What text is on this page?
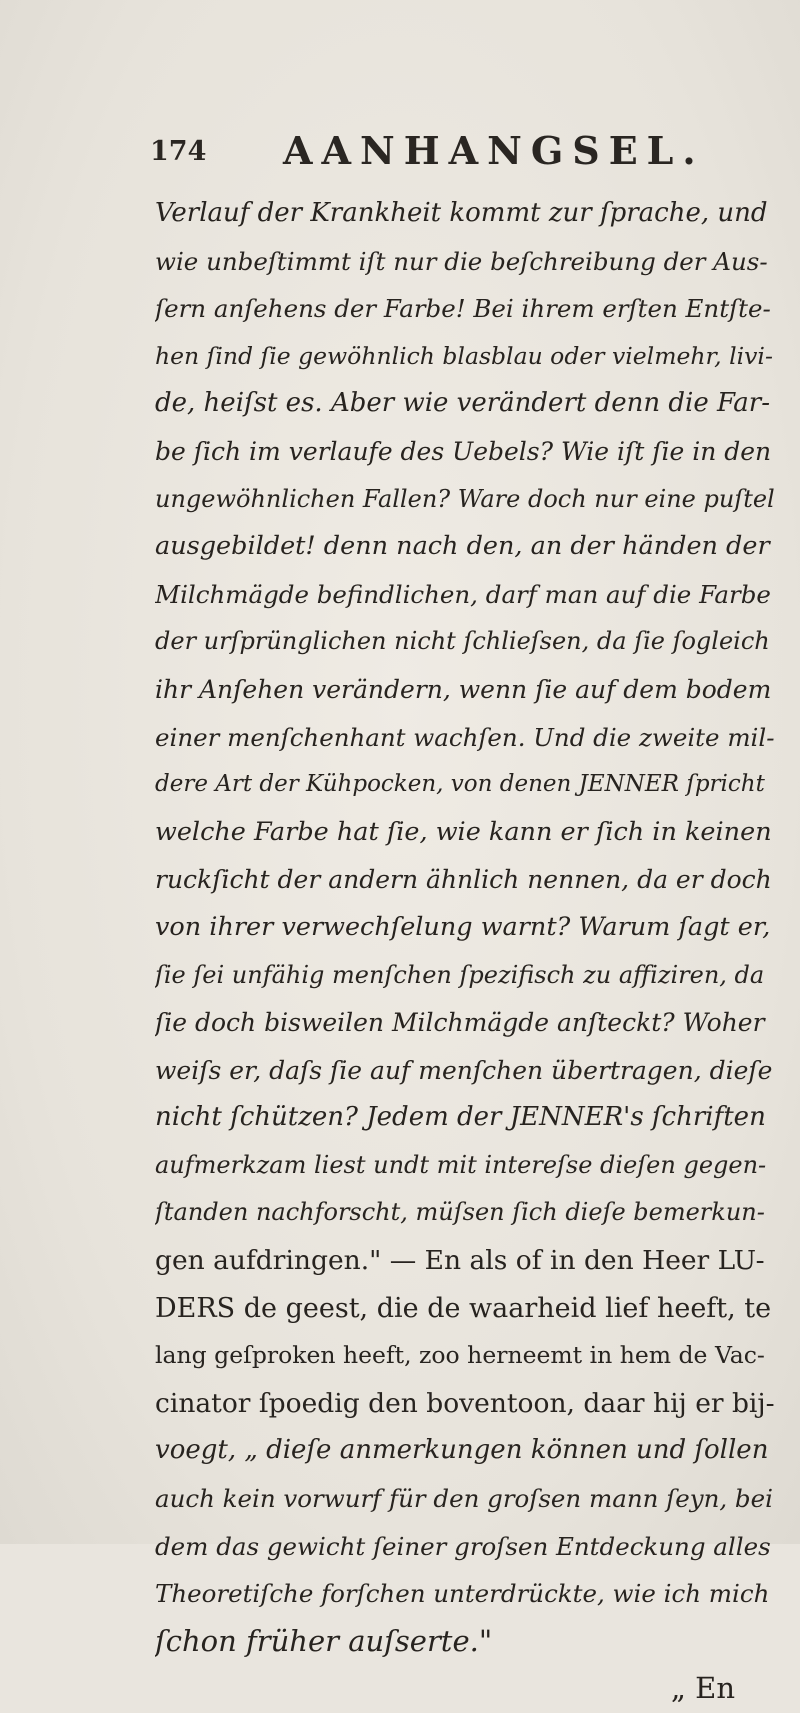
174 AANHANGSEL.
Verlauf der Krankheit kommt zur ſprache, und
wie unbeſtimmt iſt nur die beſchreibung der Aus-
ſern anſehens der Farbe! Bei ihrem erſten Entſte-
hen ſind ſie gewöhnlich blasblau oder vielmehr, livi-
de, heiſst es. Aber wie verändert denn die Far-
be ſich im verlaufe des Uebels? Wie iſt ſie in den
ungewöhnlichen Fallen? Ware doch nur eine puſtel
ausgebildet! denn nach den, an der händen der
Milchmägde befindlichen, darf man auf die Farbe
der urſprünglichen nicht ſchlieſsen, da ſie ſogleich
ihr Anſehen verändern, wenn ſie auf dem bodem
einer menſchenhant wachſen. Und die zweite mil-
dere Art der Kühpocken, von denen JENNER ſpricht
welche Farbe hat ſie, wie kann er ſich in keinen
ruckſicht der andern ähnlich nennen, da er doch
von ihrer verwechſelung warnt? Warum ſagt er,
ſie ſei unfähig menſchen ſpezifisch zu affiziren, da
ſie doch bisweilen Milchmägde anſteckt? Woher
weiſs er, daſs ſie auf menſchen übertragen, dieſe
nicht ſchützen? Jedem der JENNER's ſchriften
aufmerkzam liest undt mit intereſse dieſen gegen-
ſtanden nachforscht, müſsen ſich dieſe bemerkun-
gen aufdringen." — En als of in den Heer LU-
DERS de geest, die de waarheid lief heeft, te
lang geſproken heeft, zoo herneemt in hem de Vac-
cinator ſpoedig den boventoon, daar hij er bij-
voegt, „ dieſe anmerkungen können und ſollen
auch kein vorwurf für den groſsen mann ſeyn, bei
dem das gewicht ſeiner groſsen Entdeckung alles
Theoretiſche forſchen unterdrückte, wie ich mich
ſchon früher auſserte."
„ En
